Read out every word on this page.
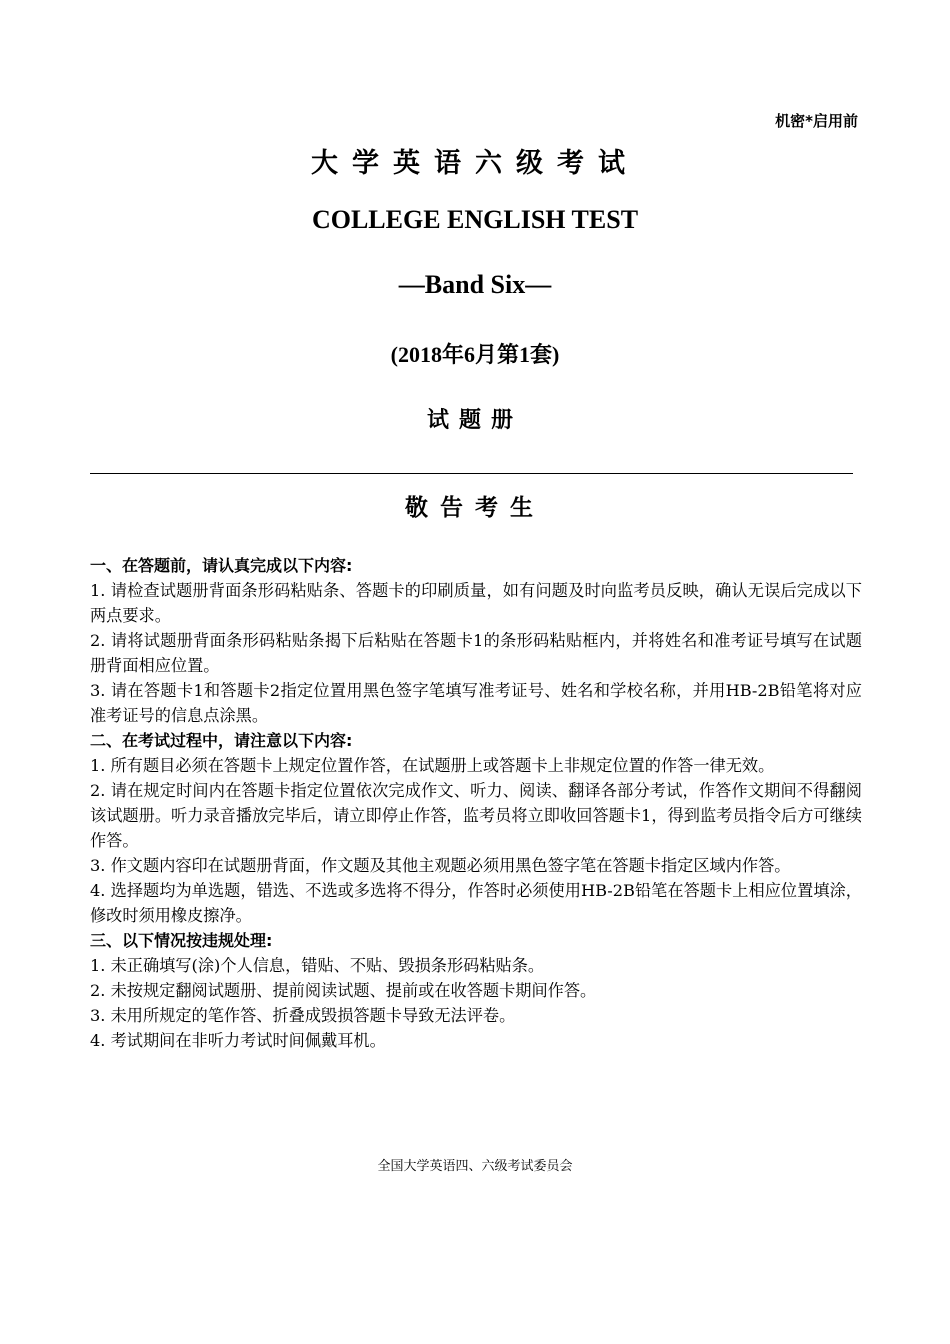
机密*启用前
大学英语六级考试
COLLEGE ENGLISH TEST
—Band Six—
(2018年6月第1套)
试题册
敬告考生
一、在答题前，请认真完成以下内容:
1. 请检查试题册背面条形码粘贴条、答题卡的印刷质量，如有问题及时向监考员反映，确认无误后完成以下两点要求。
2. 请将试题册背面条形码粘贴条揭下后粘贴在答题卡1的条形码粘贴框内，并将姓名和准考证号填写在试题册背面相应位置。
3. 请在答题卡1和答题卡2指定位置用黑色签字笔填写准考证号、姓名和学校名称，并用HB-2B铅笔将对应准考证号的信息点涂黑。
二、在考试过程中，请注意以下内容:
1. 所有题目必须在答题卡上规定位置作答，在试题册上或答题卡上非规定位置的作答一律无效。
2. 请在规定时间内在答题卡指定位置依次完成作文、听力、阅读、翻译各部分考试，作答作文期间不得翻阅该试题册。听力录音播放完毕后，请立即停止作答，监考员将立即收回答题卡1，得到监考员指令后方可继续作答。
3. 作文题内容印在试题册背面，作文题及其他主观题必须用黑色签字笔在答题卡指定区域内作答。
4. 选择题均为单选题，错选、不选或多选将不得分，作答时必须使用HB-2B铅笔在答题卡上相应位置填涂，修改时须用橡皮擦净。
三、以下情况按违规处理:
1. 未正确填写(涂)个人信息，错贴、不贴、毁损条形码粘贴条。
2. 未按规定翻阅试题册、提前阅读试题、提前或在收答题卡期间作答。
3. 未用所规定的笔作答、折叠成毁损答题卡导致无法评卷。
4. 考试期间在非听力考试时间佩戴耳机。
全国大学英语四、六级考试委员会
